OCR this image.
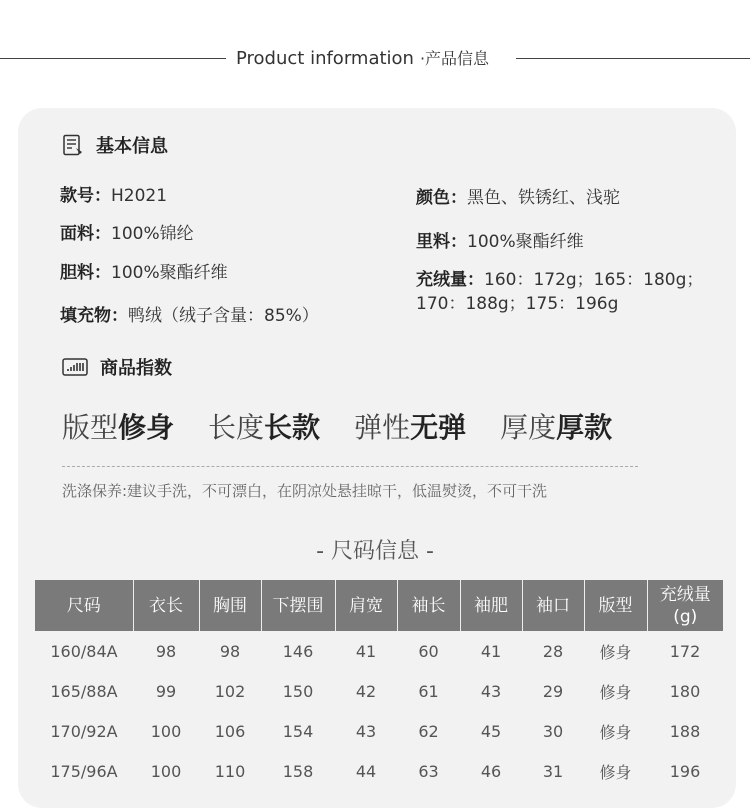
Product information ·产品信息
基本信息
款号：H2021	颜色：黑色、铁锈红、浅驼
面料：100%锦纶	里料：100%聚酯纤维
胆料：100%聚酯纤维	充绒量：160：172g；165：180g；170：188g；175：196g
填充物：鸭绒（绒子含量：85%）
商品指数
版型修身 长度长款 弹性无弹 厚度厚款
洗涤保养:建议手洗，不可漂白，在阴凉处悬挂晾干，低温熨烫，不可干洗
- 尺码信息 -
尺码	衣长	胸围	下摆围	肩宽	袖长	袖肥	袖口	版型	充绒量
(g)
160/84A	98	98	146	41	60	41	28	修身	172
165/88A	99	102	150	42	61	43	29	修身	180
170/92A	100	106	154	43	62	45	30	修身	188
175/96A	100	110	158	44	63	46	31	修身	196
